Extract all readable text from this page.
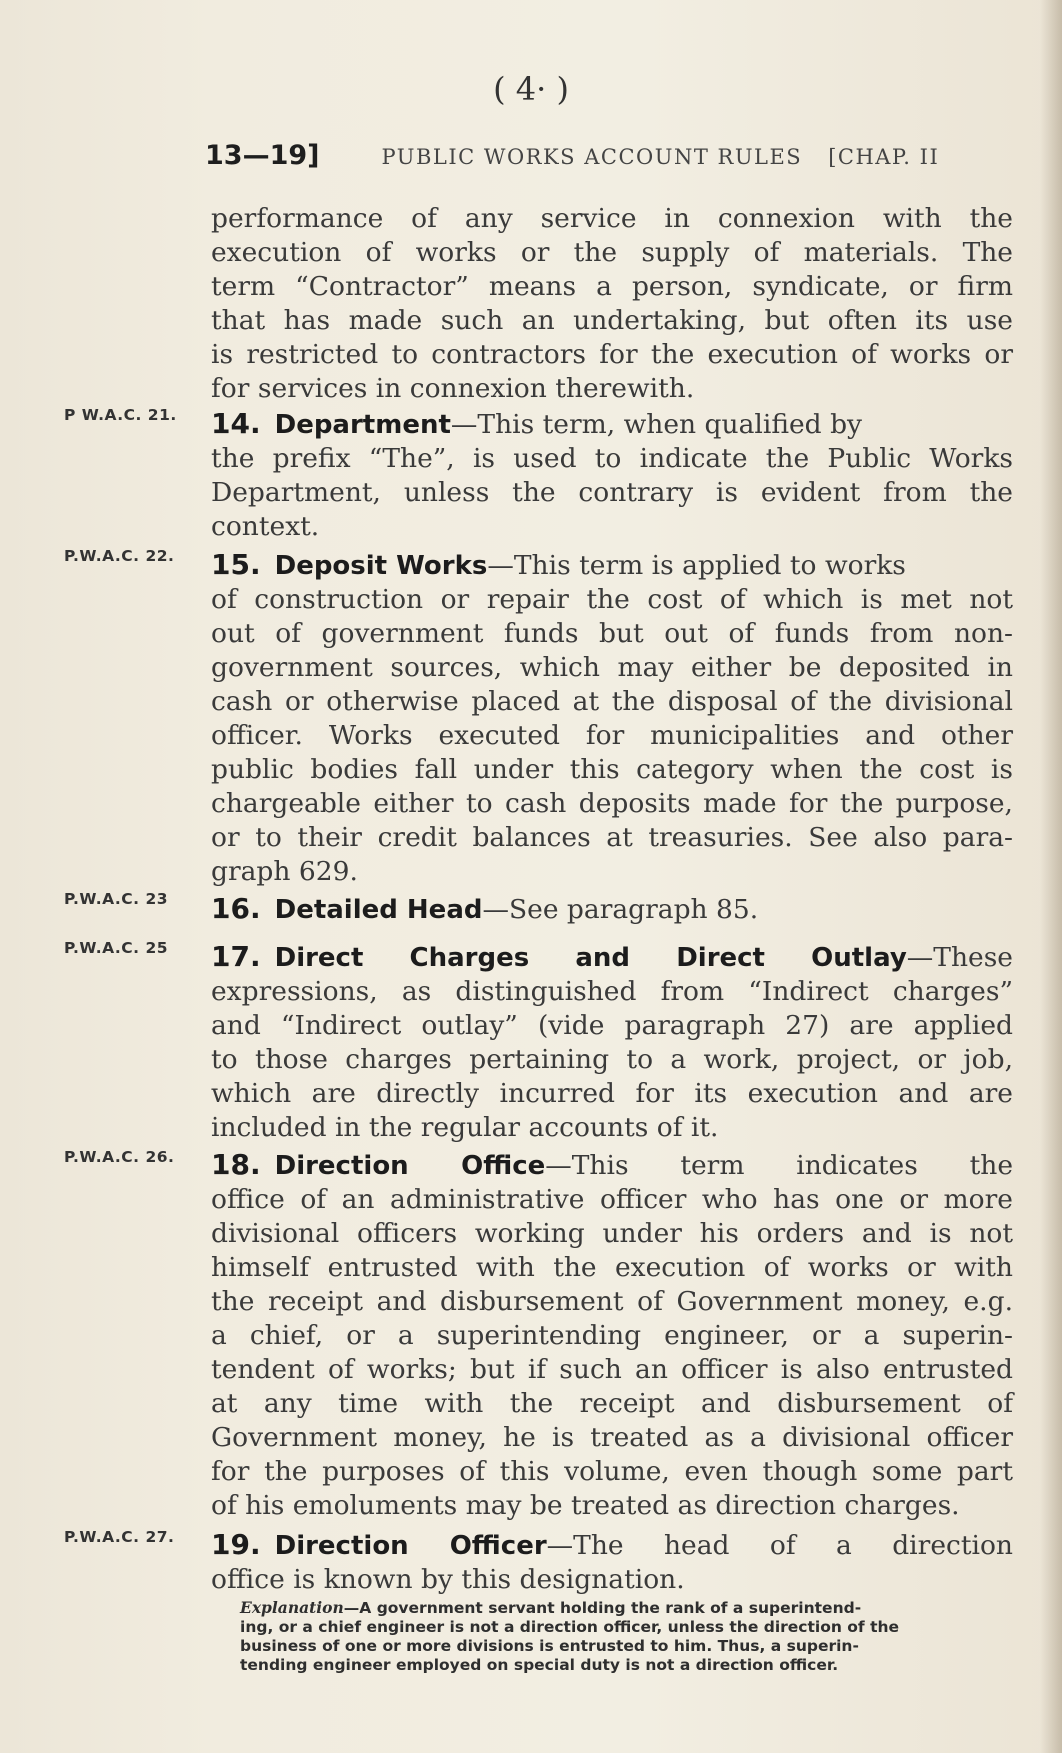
( 4· )
13—19]	PUBLIC WORKS ACCOUNT RULES [CHAP. II
performance of any service in connexion with the
execution of works or the supply of materials. The
term “Contractor” means a person, syndicate, or firm
that has made such an undertaking, but often its use
is restricted to contractors for the execution of works or
for services in connexion therewith.
P W.A.C. 21. 14. Department—This term, when qualified by
the prefix “The”, is used to indicate the Public Works
Department, unless the contrary is evident from the
context.
P.W.A.C. 22. 15. Deposit Works—This term is applied to works
of construction or repair the cost of which is met not
out of government funds but out of funds from non-
government sources, which may either be deposited in
cash or otherwise placed at the disposal of the divisional
officer. Works executed for municipalities and other
public bodies fall under this category when the cost is
chargeable either to cash deposits made for the purpose,
or to their credit balances at treasuries. See also para-
graph 629.
P.W.A.C. 23 16. Detailed Head—See paragraph 85.
P.W.A.C. 25 17. Direct Charges and Direct Outlay—These
expressions, as distinguished from “Indirect charges”
and “Indirect outlay” (vide paragraph 27) are applied
to those charges pertaining to a work, project, or job,
which are directly incurred for its execution and are
included in the regular accounts of it.
P.W.A.C. 26. 18. Direction Office—This term indicates the
office of an administrative officer who has one or more
divisional officers working under his orders and is not
himself entrusted with the execution of works or with
the receipt and disbursement of Government money, e.g.
a chief, or a superintending engineer, or a superin-
tendent of works; but if such an officer is also entrusted
at any time with the receipt and disbursement of
Government money, he is treated as a divisional officer
for the purposes of this volume, even though some part
of his emoluments may be treated as direction charges.
P.W.A.C. 27. 19. Direction Officer—The head of a direction
office is known by this designation.
Explanation—A government servant holding the rank of a superintend-
ing, or a chief engineer is not a direction officer, unless the direction of the
business of one or more divisions is entrusted to him. Thus, a superin-
tending engineer employed on special duty is not a direction officer.
